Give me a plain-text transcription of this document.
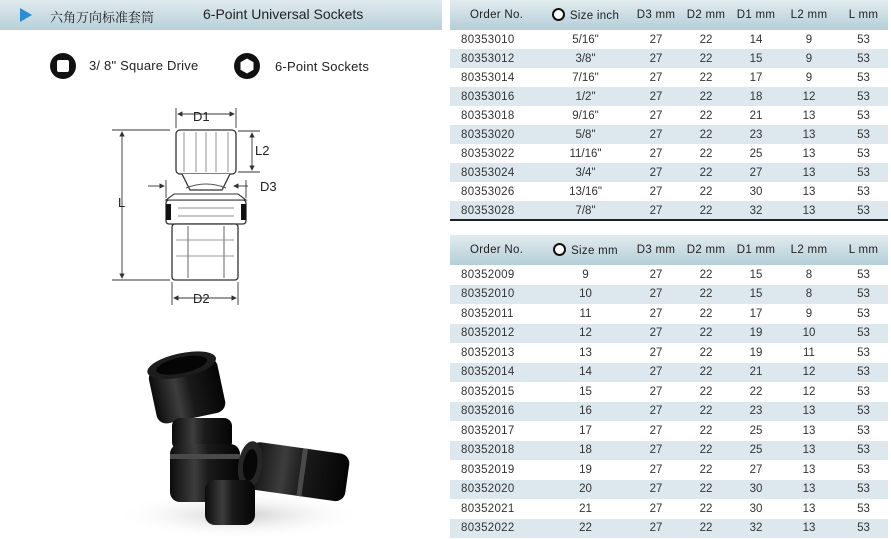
六角万向标准套筒	6-Point Universal Sockets
3/ 8" Square Drive	6-Point Sockets
D1
L2
D3
L
D2
Order No.	Size inch	D3 mm	D2 mm	D1 mm	L2 mm	L mm
80353010	5/16"	27	22	14	9	53
80353012	3/8"	27	22	15	9	53
80353014	7/16"	27	22	17	9	53
80353016	1/2"	27	22	18	12	53
80353018	9/16"	27	22	21	13	53
80353020	5/8"	27	22	23	13	53
80353022	11/16"	27	22	25	13	53
80353024	3/4"	27	22	27	13	53
80353026	13/16"	27	22	30	13	53
80353028	7/8"	27	22	32	13	53
Order No.	Size mm	D3 mm	D2 mm	D1 mm	L2 mm	L mm
80352009	9	27	22	15	8	53
80352010	10	27	22	15	8	53
80352011	11	27	22	17	9	53
80352012	12	27	22	19	10	53
80352013	13	27	22	19	11	53
80352014	14	27	22	21	12	53
80352015	15	27	22	22	12	53
80352016	16	27	22	23	13	53
80352017	17	27	22	25	13	53
80352018	18	27	22	25	13	53
80352019	19	27	22	27	13	53
80352020	20	27	22	30	13	53
80352021	21	27	22	30	13	53
80352022	22	27	22	32	13	53
